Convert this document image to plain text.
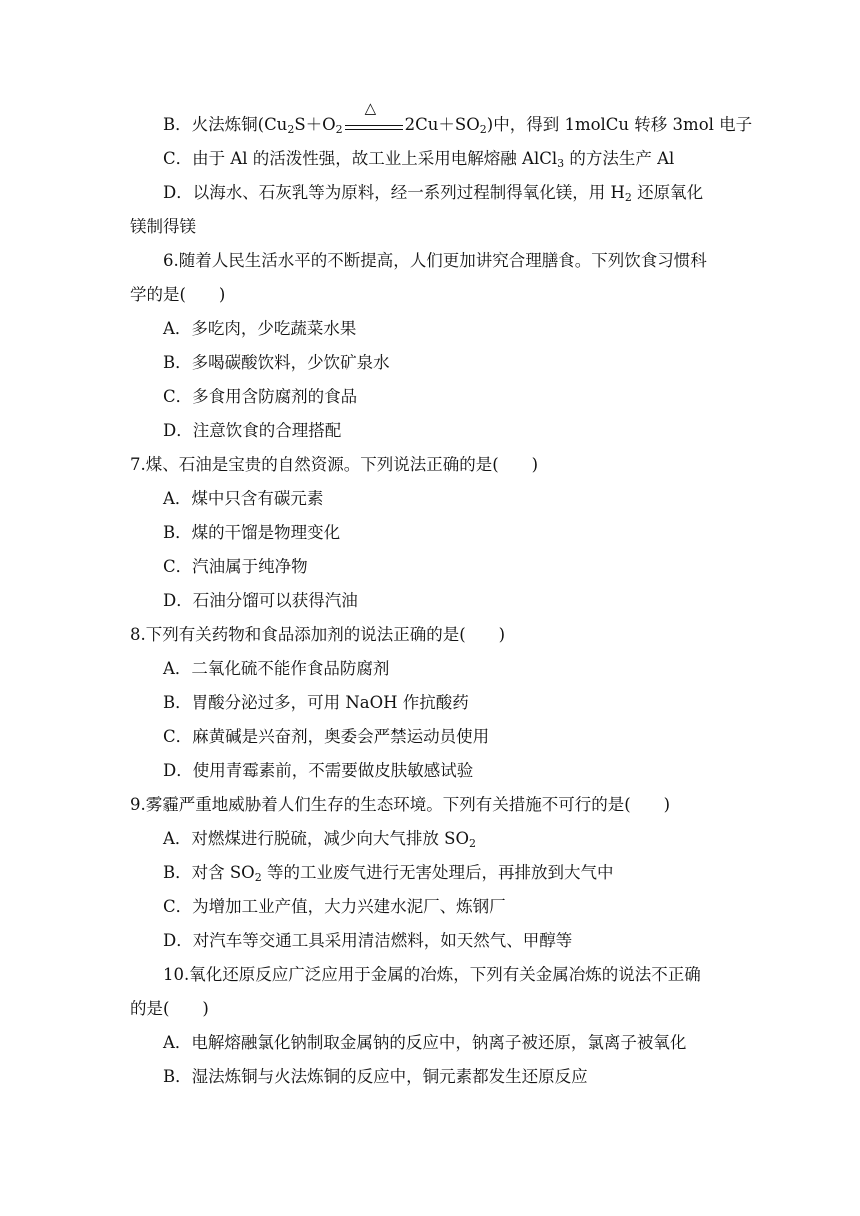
B．火法炼铜($Cu_2S+O_2$
△
$2Cu+SO_2$)中，得到 1molCu 转移 3mol 电子
C．由于 Al 的活泼性强，故工业上采用电解熔融 AlCl$_3$ 的方法生产 Al
D．以海水、石灰乳等为原料，经一系列过程制得氧化镁，用 $H_2$ 还原氧化
镁制得镁
6.随着人民生活水平的不断提高，人们更加讲究合理膳食。下列饮食习惯科
学的是(　　)
A．多吃肉，少吃蔬菜水果
B．多喝碳酸饮料，少饮矿泉水
C．多食用含防腐剂的食品
D．注意饮食的合理搭配
7.煤、石油是宝贵的自然资源。下列说法正确的是(　　)
A．煤中只含有碳元素
B．煤的干馏是物理变化
C．汽油属于纯净物
D．石油分馏可以获得汽油
8.下列有关药物和食品添加剂的说法正确的是(　　)
A．二氧化硫不能作食品防腐剂
B．胃酸分泌过多，可用 NaOH 作抗酸药
C．麻黄碱是兴奋剂，奥委会严禁运动员使用
D．使用青霉素前，不需要做皮肤敏感试验
9.雾霾严重地威胁着人们生存的生态环境。下列有关措施不可行的是(　　)
A．对燃煤进行脱硫，减少向大气排放 $SO_2$
B．对含 $SO_2$ 等的工业废气进行无害处理后，再排放到大气中
C．为增加工业产值，大力兴建水泥厂、炼钢厂
D．对汽车等交通工具采用清洁燃料，如天然气、甲醇等
10.氧化还原反应广泛应用于金属的冶炼，下列有关金属冶炼的说法不正确
的是(　　)
A．电解熔融氯化钠制取金属钠的反应中，钠离子被还原，氯离子被氧化
B．湿法炼铜与火法炼铜的反应中，铜元素都发生还原反应
